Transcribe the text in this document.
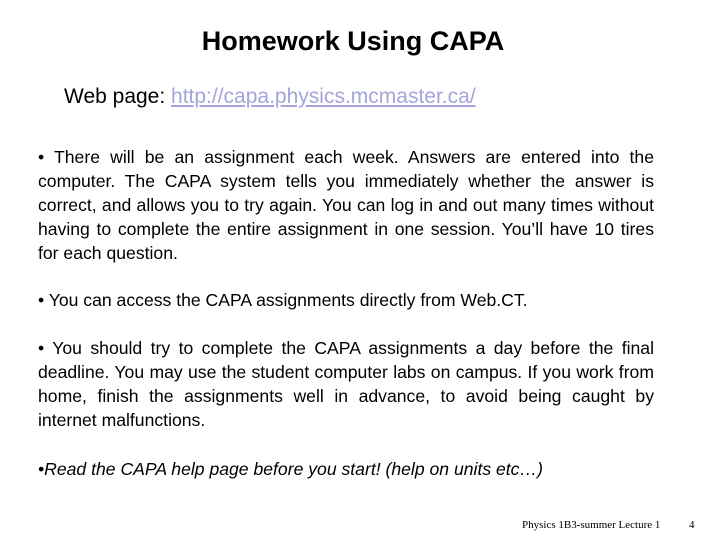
Homework Using CAPA
Web page: http://capa.physics.mcmaster.ca/

• There will be an assignment each week. Answers are entered into the computer. The CAPA system tells you immediately whether the answer is correct, and allows you to try again. You can log in and out many times without having to complete the entire assignment in one session. You’ll have 10 tires for each question.

• You can access the CAPA assignments directly from Web.CT.

• You should try to complete the CAPA assignments a day before the final deadline. You may use the student computer labs on campus. If you work from home, finish the assignments well in advance, to avoid being caught by internet malfunctions.

•Read the CAPA help page before you start! (help on units etc…)

Physics 1B3-summer Lecture 1	4
